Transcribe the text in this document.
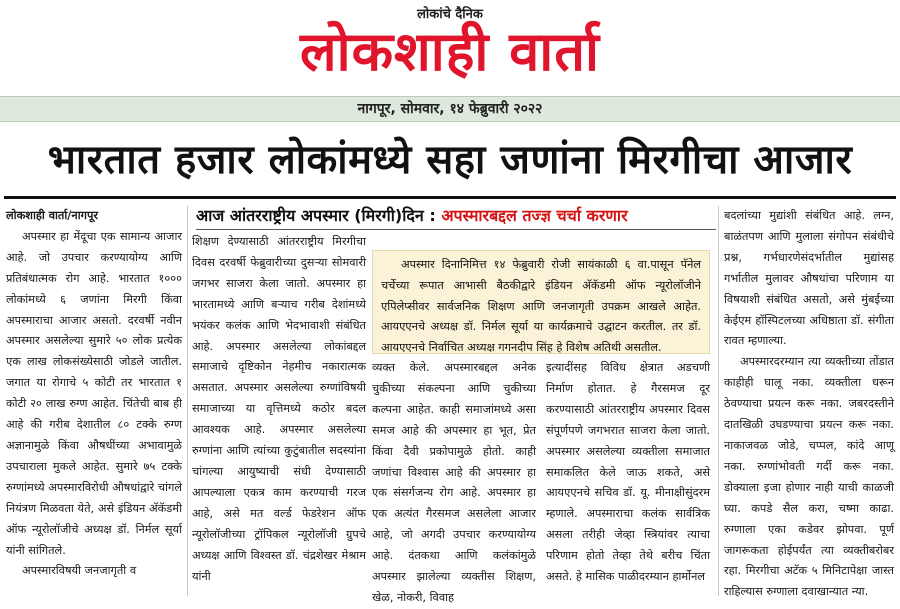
लोकांचे दैनिक
लोकशाही वार्ता
नागपूर, सोमवार, १४ फेब्रुवारी २०२२
भारतात हजार लोकांमध्ये सहा जणांना मिरगीचा आजार

लोकशाही वार्ता/नागपूर

अपस्मार हा मेंदूचा एक सामान्य आजार आहे. जो उपचार करण्यायोग्य आणि प्रतिबंधात्मक रोग आहे. भारतात १००० लोकांमध्ये ६ जणांना मिरगी किंवा अपस्माराचा आजार असतो. दरवर्षी नवीन अपस्मार असलेल्या सुमारे ५० लोक प्रत्येक एक लाख लोकसंख्येसाठी जोडले जातील. जगात या रोगाचे ५ कोटी तर भारतात १ कोटी २० लाख रुग्ण आहेत. चिंतेची बाब ही आहे की गरीब देशातील ८० टक्के रुग्ण अज्ञानामुळे किंवा औषधींच्या अभावामुळे उपचाराला मुकले आहेत. सुमारे ७५ टक्के रुग्णांमध्ये अपस्मारविरोधी औषधांद्वारे चांगले नियंत्रण मिळवता येते, असे इंडियन अ‍ॅकॅडमी ऑफ न्यूरोलॉजीचे अध्यक्ष डॉ. निर्मल सूर्या यांनी सांगितले.

अपस्मारविषयी जनजागृती व

आज आंतरराष्ट्रीय अपस्मार (मिरगी)दिन : अपस्मारबद्दल तज्ज्ञ चर्चा करणार

शिक्षण देण्यासाठी आंतरराष्ट्रीय मिरगीचा दिवस दरवर्षी फेब्रुवारीच्या दुसऱ्या सोमवारी जगभर साजरा केला जातो. अपस्मार हा भारतामध्ये आणि बऱ्याच गरीब देशांमध्ये भयंकर कलंक आणि भेदभावाशी संबंधित आहे. अपस्मार असलेल्या लोकांबद्दल समाजाचे दृष्टिकोन नेहमीच नकारात्मक असतात. अपस्मार असलेल्या रुग्णांविषयी समाजाच्या या वृत्तिमध्ये कठोर बदल आवश्यक आहे. अपस्मार असलेल्या रुग्णांना आणि त्यांच्या कुटुंबातील सदस्यांना चांगल्या आयुष्याची संधी देण्यासाठी आपल्याला एकत्र काम करण्याची गरज आहे, असे मत वर्ल्ड फेडरेशन ऑफ न्यूरोलॉजीच्या ट्रॉपिकल न्यूरोलॉजी ग्रुपचे अध्यक्ष आणि विश्वस्त डॉ. चंद्रशेखर मेश्राम यांनी

अपस्मार दिनानिमित्त १४ फेब्रुवारी रोजी सायंकाळी ६ वा.पासून पॅनेल चर्चेच्या रूपात आभासी बैठकीद्वारे इंडियन अ‍ॅकॅडमी ऑफ न्यूरोलॉजीने एपिलेप्सीवर सार्वजनिक शिक्षण आणि जनजागृती उपक्रम आखले आहेत. आयएएनचे अध्यक्ष डॉ. निर्मल सूर्या या कार्यक्रमाचे उद्घाटन करतील. तर डॉ. आयएएनचे निर्वाचित अध्यक्ष गगनदीप सिंह हे विशेष अतिथी असतील.

व्यक्त केले. अपस्मारबद्दल अनेक चुकीच्या संकल्पना आणि चुकीच्या कल्पना आहेत. काही समाजांमध्ये असा समज आहे की अपस्मार हा भूत, प्रेत किंवा दैवी प्रकोपामुळे होतो. काही जणांचा विश्वास आहे की अपस्मार हा एक संसर्गजन्य रोग आहे. अपस्मार हा एक अत्यंत गैरसमज असलेला आजार आहे, जो अगदी उपचार करण्यायोग्य आहे. दंतकथा आणि कलंकांमुळे अपस्मार झालेल्या व्यक्तीस शिक्षण, खेळ, नोकरी, विवाह

इत्यादींसह विविध क्षेत्रात अडचणी निर्माण होतात. हे गैरसमज दूर करण्यासाठी आंतरराष्ट्रीय अपस्मार दिवस संपूर्णपणे जगभरात साजरा केला जातो. अपस्मार असलेल्या व्यक्तीला समाजात समाकलित केले जाऊ शकते, असे आयएएनचे सचिव डॉ. यू. मीनाक्षीसुंदरम म्हणाले. अपस्माराचा कलंक सार्वत्रिक असला तरीही जेव्हा स्त्रियांवर त्याचा परिणाम होतो तेव्हा तेथे बरीच चिंता असते. हे मासिक पाळीदरम्यान हार्मोनल

बदलांच्या मुद्यांशी संबंधित आहे. लग्न, बाळंतपण आणि मुलाला संगोपन संबंधीचे प्रश्न, गर्भधारणेसंदर्भातील मुद्यांसह गर्भातील मुलावर औषधांचा परिणाम या विषयाशी संबंधित असतो, असे मुंबईच्या केईएम हॉस्पिटलच्या अधिष्ठाता डॉ. संगीता रावत म्हणाल्या.

अपस्मारदरम्यान त्या व्यक्तीच्या तोंडात काहीही घालू नका. व्यक्तीला धरून ठेवण्याचा प्रयत्न करू नका. जबरदस्तीने दातखिळी उघडण्याचा प्रयत्न करू नका. नाकाजवळ जोडे, चप्पल, कांदे आणू नका. रुग्णांभोवती गर्दी करू नका. डोक्याला इजा होणार नाही याची काळजी घ्या. कपडे सैल करा, चष्मा काढा. रुग्णाला एका कडेवर झोपवा. पूर्ण जागरूकता होईपर्यंत त्या व्यक्तीबरोबर रहा. मिरगीचा अटॅक ५ मिनिटापेक्षा जास्त राहिल्यास रुग्णाला दवाखान्यात न्या.
